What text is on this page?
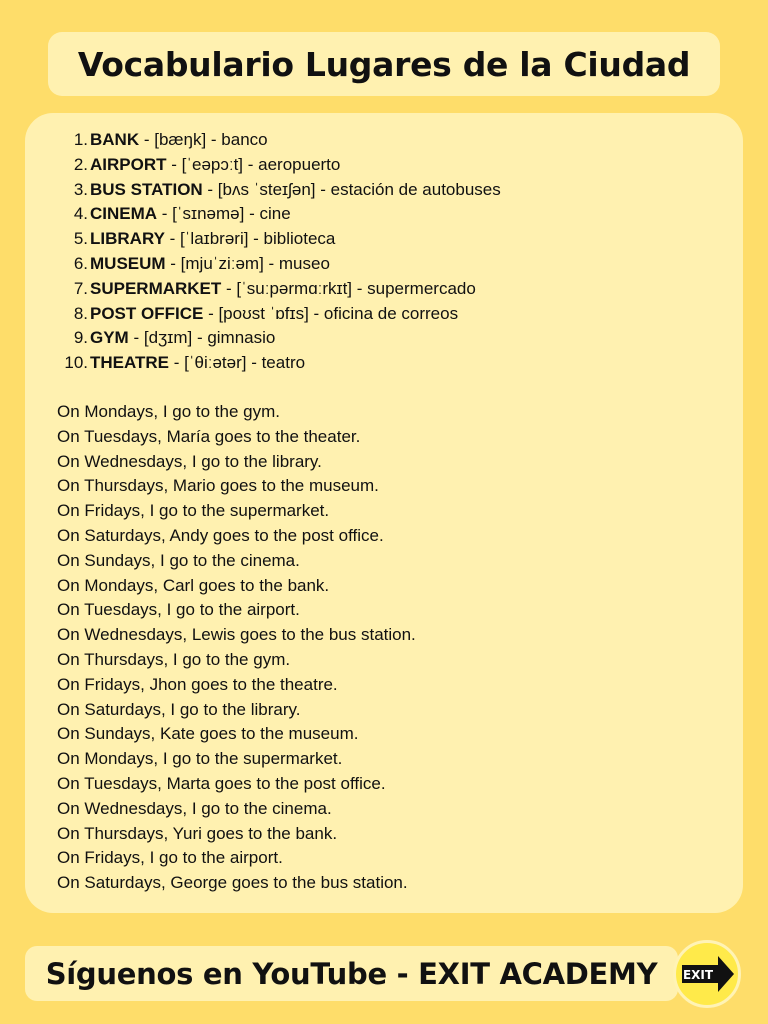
Vocabulario Lugares de la Ciudad
1. BANK - [bæŋk] - banco
2. AIRPORT - [ˈeəpɔːt] - aeropuerto
3. BUS STATION - [bʌs ˈsteɪʃən] - estación de autobuses
4. CINEMA - [ˈsɪnəmə] - cine
5. LIBRARY - [ˈlaɪbrəri] - biblioteca
6. MUSEUM - [mjuˈziːəm] - museo
7. SUPERMARKET - [ˈsuːpərmɑːrkɪt] - supermercado
8. POST OFFICE - [poʊst ˈɒfɪs] - oficina de correos
9. GYM - [dʒɪm] - gimnasio
10. THEATRE - [ˈθiːətər] - teatro
On Mondays, I go to the gym.
On Tuesdays, María goes to the theater.
On Wednesdays, I go to the library.
On Thursdays, Mario goes to the museum.
On Fridays, I go to the supermarket.
On Saturdays, Andy goes to the post office.
On Sundays, I go to the cinema.
On Mondays, Carl goes to the bank.
On Tuesdays, I go to the airport.
On Wednesdays, Lewis goes to the bus station.
On Thursdays, I go to the gym.
On Fridays, Jhon goes to the theatre.
On Saturdays, I go to the library.
On Sundays, Kate goes to the museum.
On Mondays, I go to the supermarket.
On Tuesdays, Marta goes to the post office.
On Wednesdays, I go to the cinema.
On Thursdays, Yuri goes to the bank.
On Fridays, I go to the airport.
On Saturdays, George goes to the bus station.
Síguenos en YouTube - EXIT ACADEMY EXIT
